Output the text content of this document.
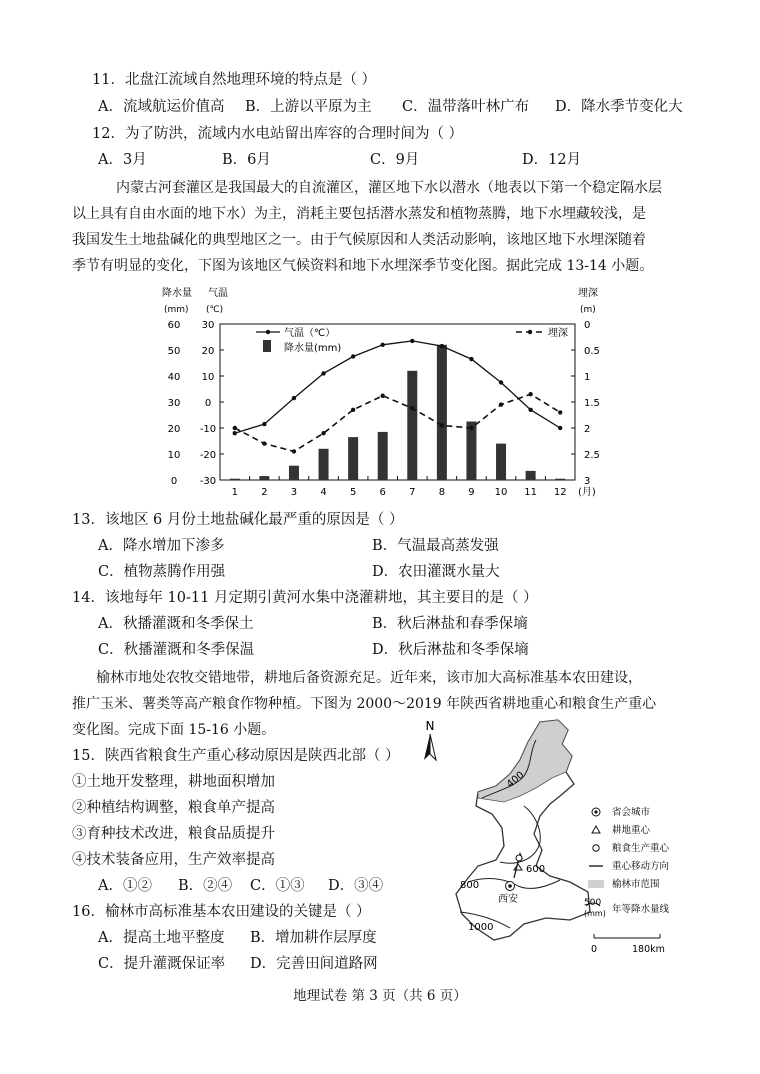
11．北盘江流域自然地理环境的特点是（ ）
A．流域航运价值高 B．上游以平原为主 C．温带落叶林广布 D．降水季节变化大
12．为了防洪，流域内水电站留出库容的合理时间为（ ）
A．3月	B．6月	C．9月	D．12月
内蒙古河套灌区是我国最大的自流灌区，灌区地下水以潜水（地表以下第一个稳定隔水层
以上具有自由水面的地下水）为主，消耗主要包括潜水蒸发和植物蒸腾，地下水埋藏较浅，是
我国发生土地盐碱化的典型地区之一。由于气候原因和人类活动影响，该地区地下水埋深随着
季节有明显的变化，下图为该地区气候资料和地下水埋深季节变化图。据此完成 13-14 小题。
降水量
(mm)
气温
(℃)
埋深
(m)
60
50
40
30
20
10
0
30
20
10
0
-10
-20
-30
0
0.5
1
1.5
2
2.5
3
1 2 3 4 5 6 7 8 9 10 11 12 (月)
气温（℃）
降水量(mm)
埋深
13．该地区 6 月份土地盐碱化最严重的原因是（ ）
A．降水增加下渗多	B．气温最高蒸发强
C．植物蒸腾作用强	D．农田灌溉水量大
14．该地每年 10-11 月定期引黄河水集中浇灌耕地，其主要目的是（ ）
A．秋播灌溉和冬季保土	B．秋后淋盐和春季保墒
C．秋播灌溉和冬季保温	D．秋后淋盐和冬季保墒
榆林市地处农牧交错地带，耕地后备资源充足。近年来，该市加大高标准基本农田建设，
推广玉米、薯类等高产粮食作物种植。下图为 2000～2019 年陕西省耕地重心和粮食生产重心
变化图。完成下面 15-16 小题。
15．陕西省粮食生产重心移动原因是陕西北部（ ）
①土地开发整理，耕地面积增加
②种植结构调整，粮食单产提高
③育种技术改进，粮食品质提升
④技术装备应用，生产效率提高
A．①② B．②④ C．①③ D．③④
16．榆林市高标准基本农田建设的关键是（ ）
A．提高土地平整度 B．增加耕作层厚度
C．提升灌溉保证率 D．完善田间道路网
N
400
600
800
1000
西安
省会城市
耕地重心
粮食生产重心
重心移动方向
榆林市范围
500
(mm) 年等降水量线
0	180km
地理试卷 第 3 页（共 6 页）
